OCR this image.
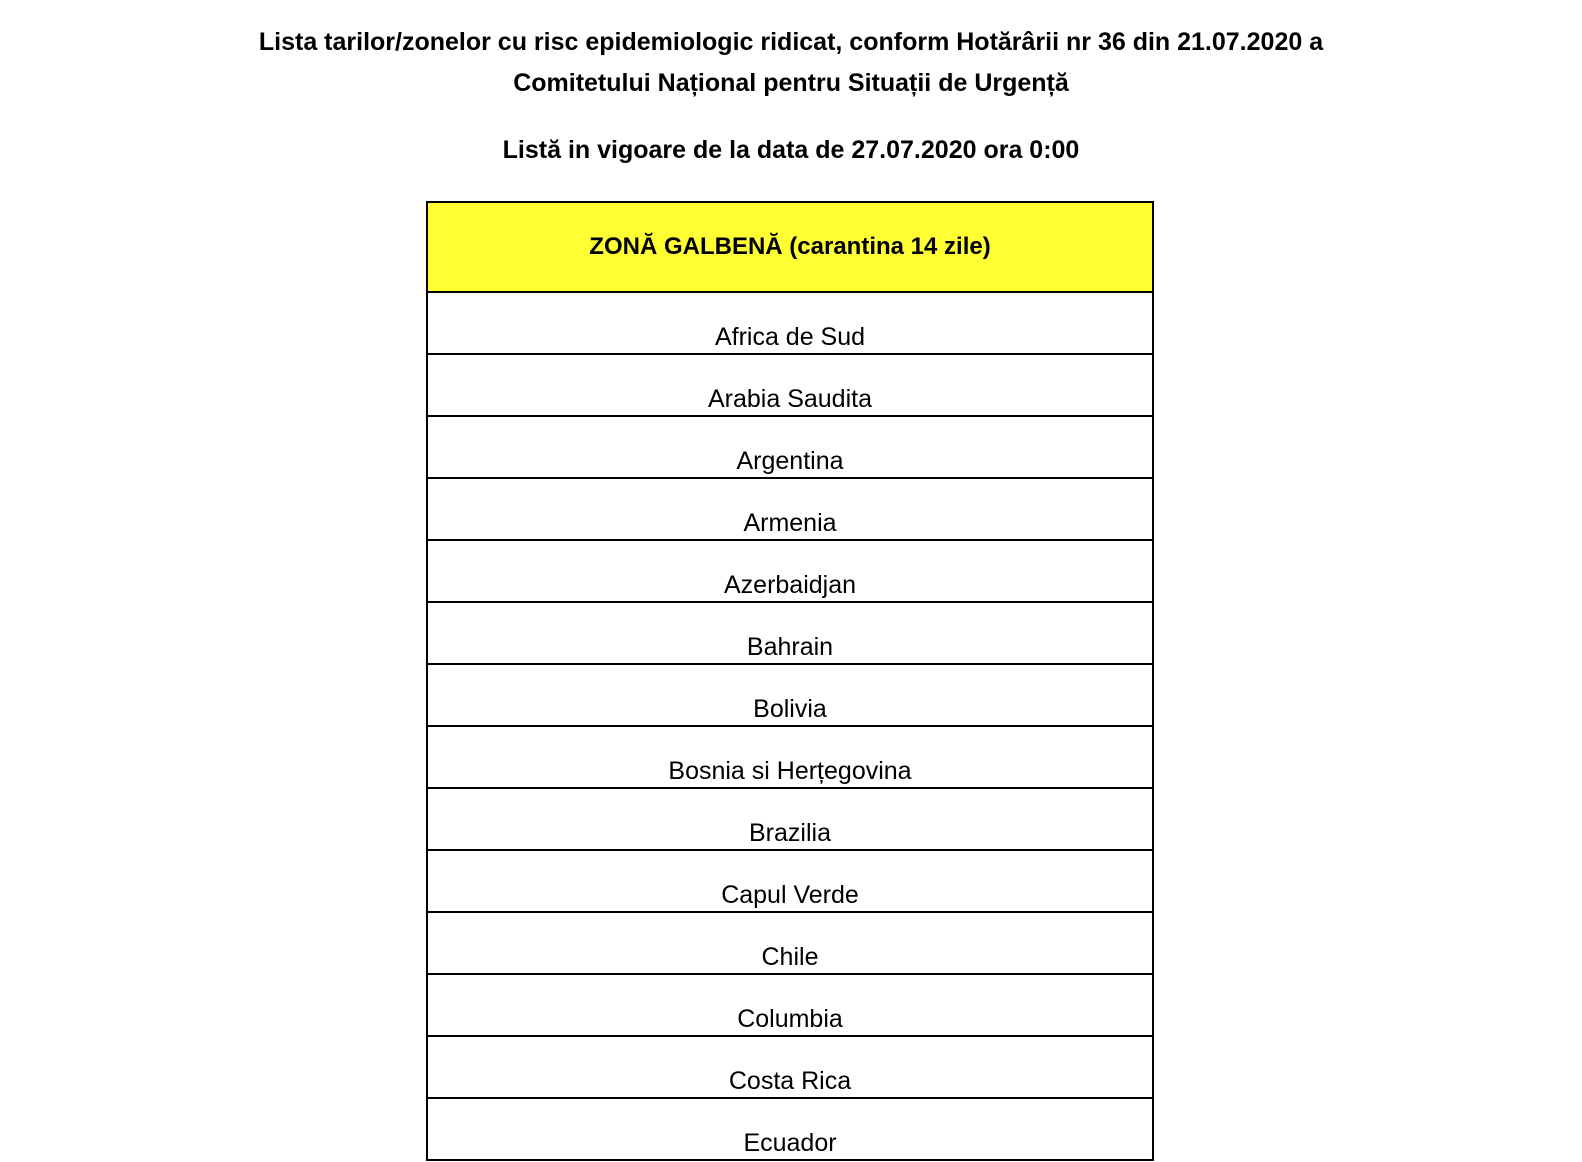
Lista tarilor/zonelor cu risc epidemiologic ridicat, conform Hotărârii nr 36 din 21.07.2020 a
Comitetului Național pentru Situații de Urgență
Listă in vigoare de la data de 27.07.2020 ora 0:00
ZONĂ GALBENĂ (carantina 14 zile)
Africa de Sud
Arabia Saudita
Argentina
Armenia
Azerbaidjan
Bahrain
Bolivia
Bosnia si Herțegovina
Brazilia
Capul Verde
Chile
Columbia
Costa Rica
Ecuador
